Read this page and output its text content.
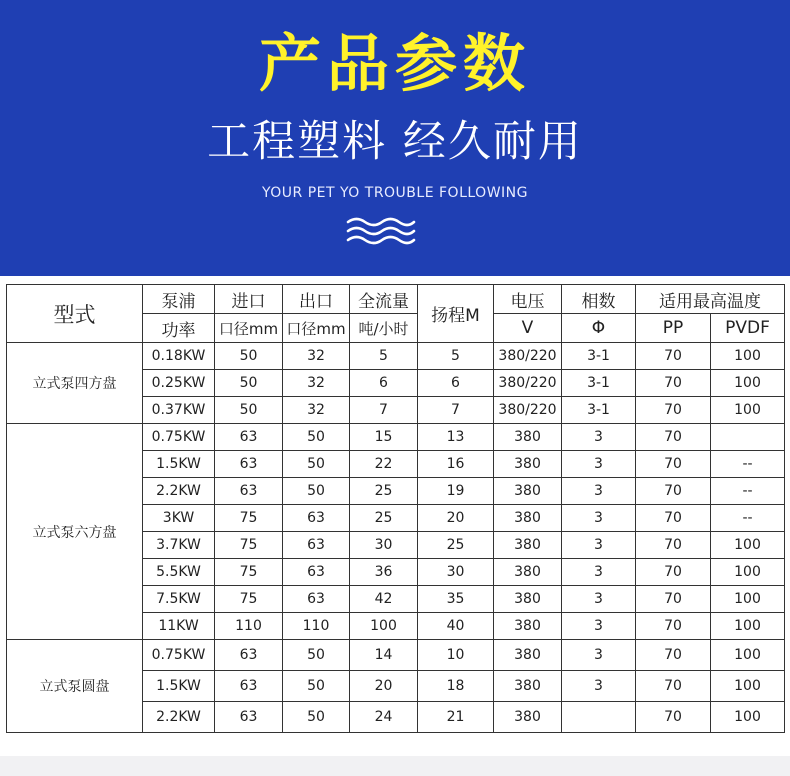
产品参数
工程塑料 经久耐用
YOUR PET YO TROUBLE FOLLOWING
型式	泵浦	进口	出口	全流量	扬程M	电压	相数	适用最高温度	
	功率	口径mm	口径mm	吨/小时		V	Φ	PP	PVDF
立式泵四方盘	0.18KW	50	32	5	5	380/220	3-1	70	100
	0.25KW	50	32	6	6	380/220	3-1	70	100
	0.37KW	50	32	7	7	380/220	3-1	70	100
立式泵六方盘	0.75KW	63	50	15	13	380	3	70	
	1.5KW	63	50	22	16	380	3	70	--
	2.2KW	63	50	25	19	380	3	70	--
	3KW	75	63	25	20	380	3	70	--
	3.7KW	75	63	30	25	380	3	70	100
	5.5KW	75	63	36	30	380	3	70	100
	7.5KW	75	63	42	35	380	3	70	100
	11KW	110	110	100	40	380	3	70	100
立式泵圆盘	0.75KW	63	50	14	10	380	3	70	100
	1.5KW	63	50	20	18	380	3	70	100
	2.2KW	63	50	24	21	380		70	100
